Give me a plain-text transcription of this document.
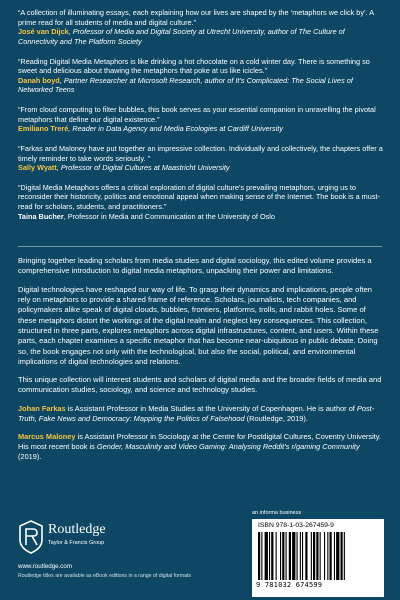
“A collection of illuminating essays, each explaining how our lives are shaped by the ‘metaphors we click by’. A prime read for all students of media and digital culture.”

José van Dijck, Professor of Media and Digital Society at Utrecht University, author of The Culture of Connectivity and The Platform Society

“Reading Digital Media Metaphors is like drinking a hot chocolate on a cold winter day. There is something so sweet and delicious about thawing the metaphors that poke at us like icicles.”

Danah boyd, Partner Researcher at Microsoft Research, author of It’s Complicated: The Social Lives of Networked Teens

“From cloud computing to filter bubbles, this book serves as your essential companion in unravelling the pivotal metaphors that define our digital existence.”

Emiliano Treré, Reader in Data Agency and Media Ecologies at Cardiff University

“Farkas and Maloney have put together an impressive collection. Individually and collectively, the chapters offer a timely reminder to take words seriously. ”

Sally Wyatt, Professor of Digital Cultures at Maastricht University

“Digital Media Metaphors offers a critical exploration of digital culture’s prevailing metaphors, urging us to reconsider their historicity, politics and emotional appeal when making sense of the Internet. The book is a must-read for scholars, students, and practitioners.”

Taina Bucher, Professor in Media and Communication at the University of Oslo

Bringing together leading scholars from media studies and digital sociology, this edited volume provides a comprehensive introduction to digital media metaphors, unpacking their power and limitations.

Digital technologies have reshaped our way of life. To grasp their dynamics and implications, people often rely on metaphors to provide a shared frame of reference. Scholars, journalists, tech companies, and policymakers alike speak of digital clouds, bubbles, frontiers, platforms, trolls, and rabbit holes. Some of these metaphors distort the workings of the digital realm and neglect key consequences. This collection, structured in three parts, explores metaphors across digital infrastructures, content, and users. Within these parts, each chapter examines a specific metaphor that has become near-ubiquitous in public debate. Doing so, the book engages not only with the technological, but also the social, political, and environmental implications of digital technologies and relations.

This unique collection will interest students and scholars of digital media and the broader fields of media and communication studies, sociology, and science and technology studies.

Johan Farkas is Assistant Professor in Media Studies at the University of Copenhagen. He is author of Post-Truth, Fake News and Democracy: Mapping the Politics of Falsehood (Routledge, 2019).

Marcus Maloney is Assistant Professor in Sociology at the Centre for Postdigital Cultures, Coventry University. His most recent book is Gender, Masculinity and Video Gaming: Analysing Reddit’s r/gaming Community (2019).

Routledge
Taylor & Francis Group
www.routledge.com
Routledge titles are available as eBook editions in a range of digital formats
an informa business
ISBN 978-1-03-267459-9
9 781032 674599
